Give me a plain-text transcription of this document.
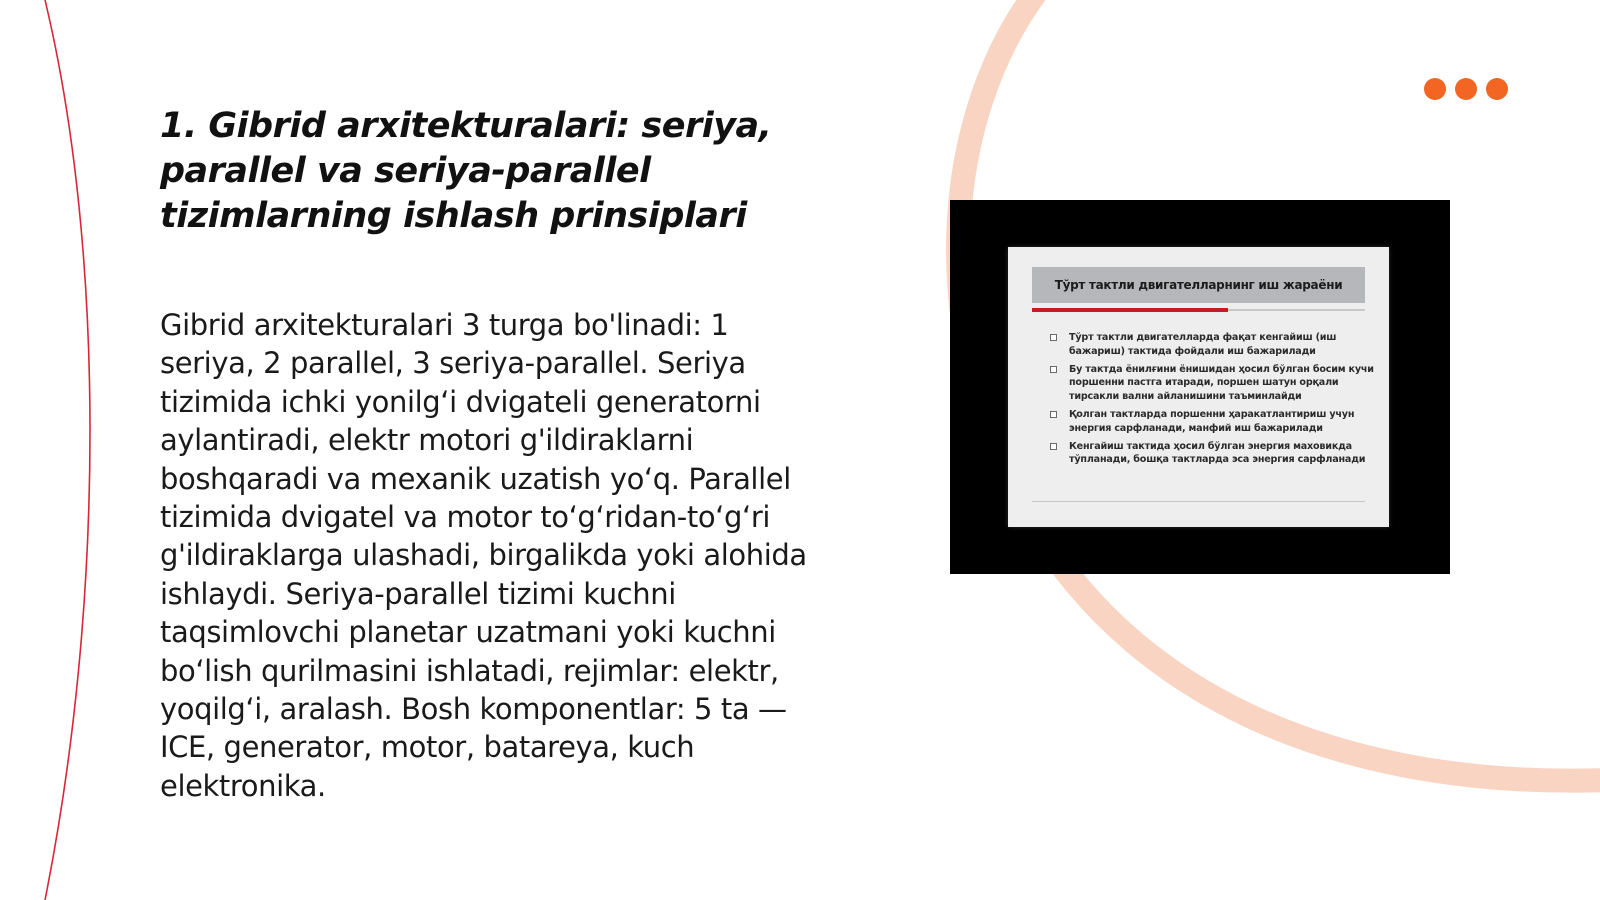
1. Gibrid arxitekturalari: seriya, parallel va seriya-parallel tizimlarning ishlash prinsiplari

Gibrid arxitekturalari 3 turga bo'linadi: 1 seriya, 2 parallel, 3 seriya-parallel. Seriya tizimida ichki yonilg‘i dvigateli generatorni aylantiradi, elektr motori g'ildiraklarni boshqaradi va mexanik uzatish yo‘q. Parallel tizimida dvigatel va motor to‘g‘ridan-to‘g‘ri g'ildiraklarga ulashadi, birgalikda yoki alohida ishlaydi. Seriya-parallel tizimi kuchni taqsimlovchi planetar uzatmani yoki kuchni bo‘lish qurilmasini ishlatadi, rejimlar: elektr, yoqilg‘i, aralash. Bosh komponentlar: 5 ta — ICE, generator, motor, batareya, kuch elektronika.

Тўрт тактли двигателларнинг иш жараёни
Тўрт тактли двигателларда фақат кенгайиш (иш бажариш) тактида фойдали иш бажарилади
Бу тактда ёнилғини ёнишидан ҳосил бўлган босим кучи поршенни пастга итаради, поршен шатун орқали тирсакли вални айланишини таъминлайди
Қолган тактларда поршенни ҳаракатлантириш учун энергия сарфланади, манфий иш бажарилади
Кенгайиш тактида ҳосил бўлган энергия маховикда тўпланади, бошқа тактларда эса энергия сарфланади
